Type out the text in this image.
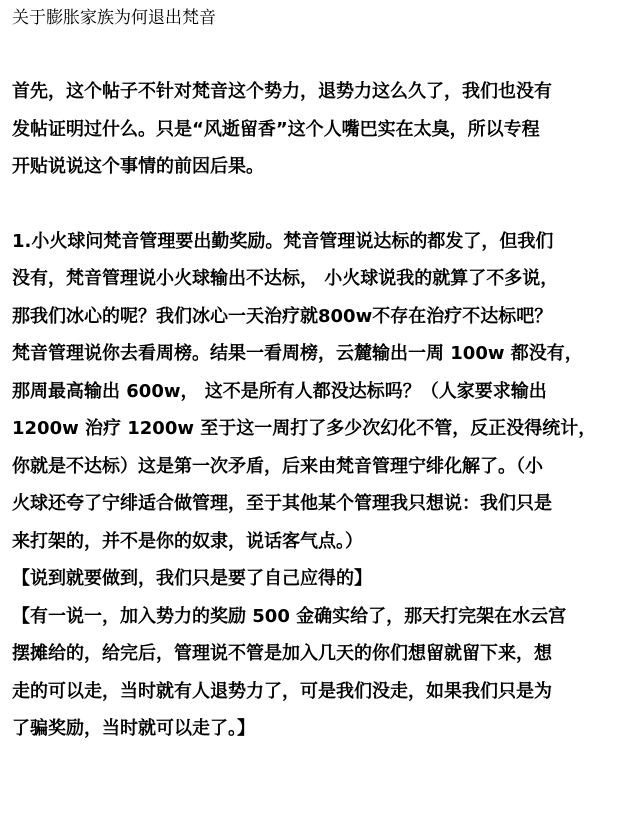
关于膨胀家族为何退出梵音
首先，这个帖子不针对梵音这个势力，退势力这么久了，我们也没有
发帖证明过什么。只是“风逝留香”这个人嘴巴实在太臭，所以专程
开贴说说这个事情的前因后果。
1.小火球问梵音管理要出勤奖励。梵音管理说达标的都发了，但我们
没有，梵音管理说小火球输出不达标， 小火球说我的就算了不多说，
那我们冰心的呢？我们冰心一天治疗就800w不存在治疗不达标吧？
梵音管理说你去看周榜。结果一看周榜，云麓输出一周 100w 都没有，
那周最高输出 600w， 这不是所有人都没达标吗？（人家要求输出
1200w 治疗 1200w 至于这一周打了多少次幻化不管，反正没得统计，
你就是不达标）这是第一次矛盾，后来由梵音管理宁绯化解了。（小
火球还夸了宁绯适合做管理，至于其他某个管理我只想说：我们只是
来打架的，并不是你的奴隶，说话客气点。）
【说到就要做到，我们只是要了自己应得的】
【有一说一，加入势力的奖励 500 金确实给了，那天打完架在水云宫
摆摊给的，给完后，管理说不管是加入几天的你们想留就留下来，想
走的可以走，当时就有人退势力了，可是我们没走，如果我们只是为
了骗奖励，当时就可以走了。】
